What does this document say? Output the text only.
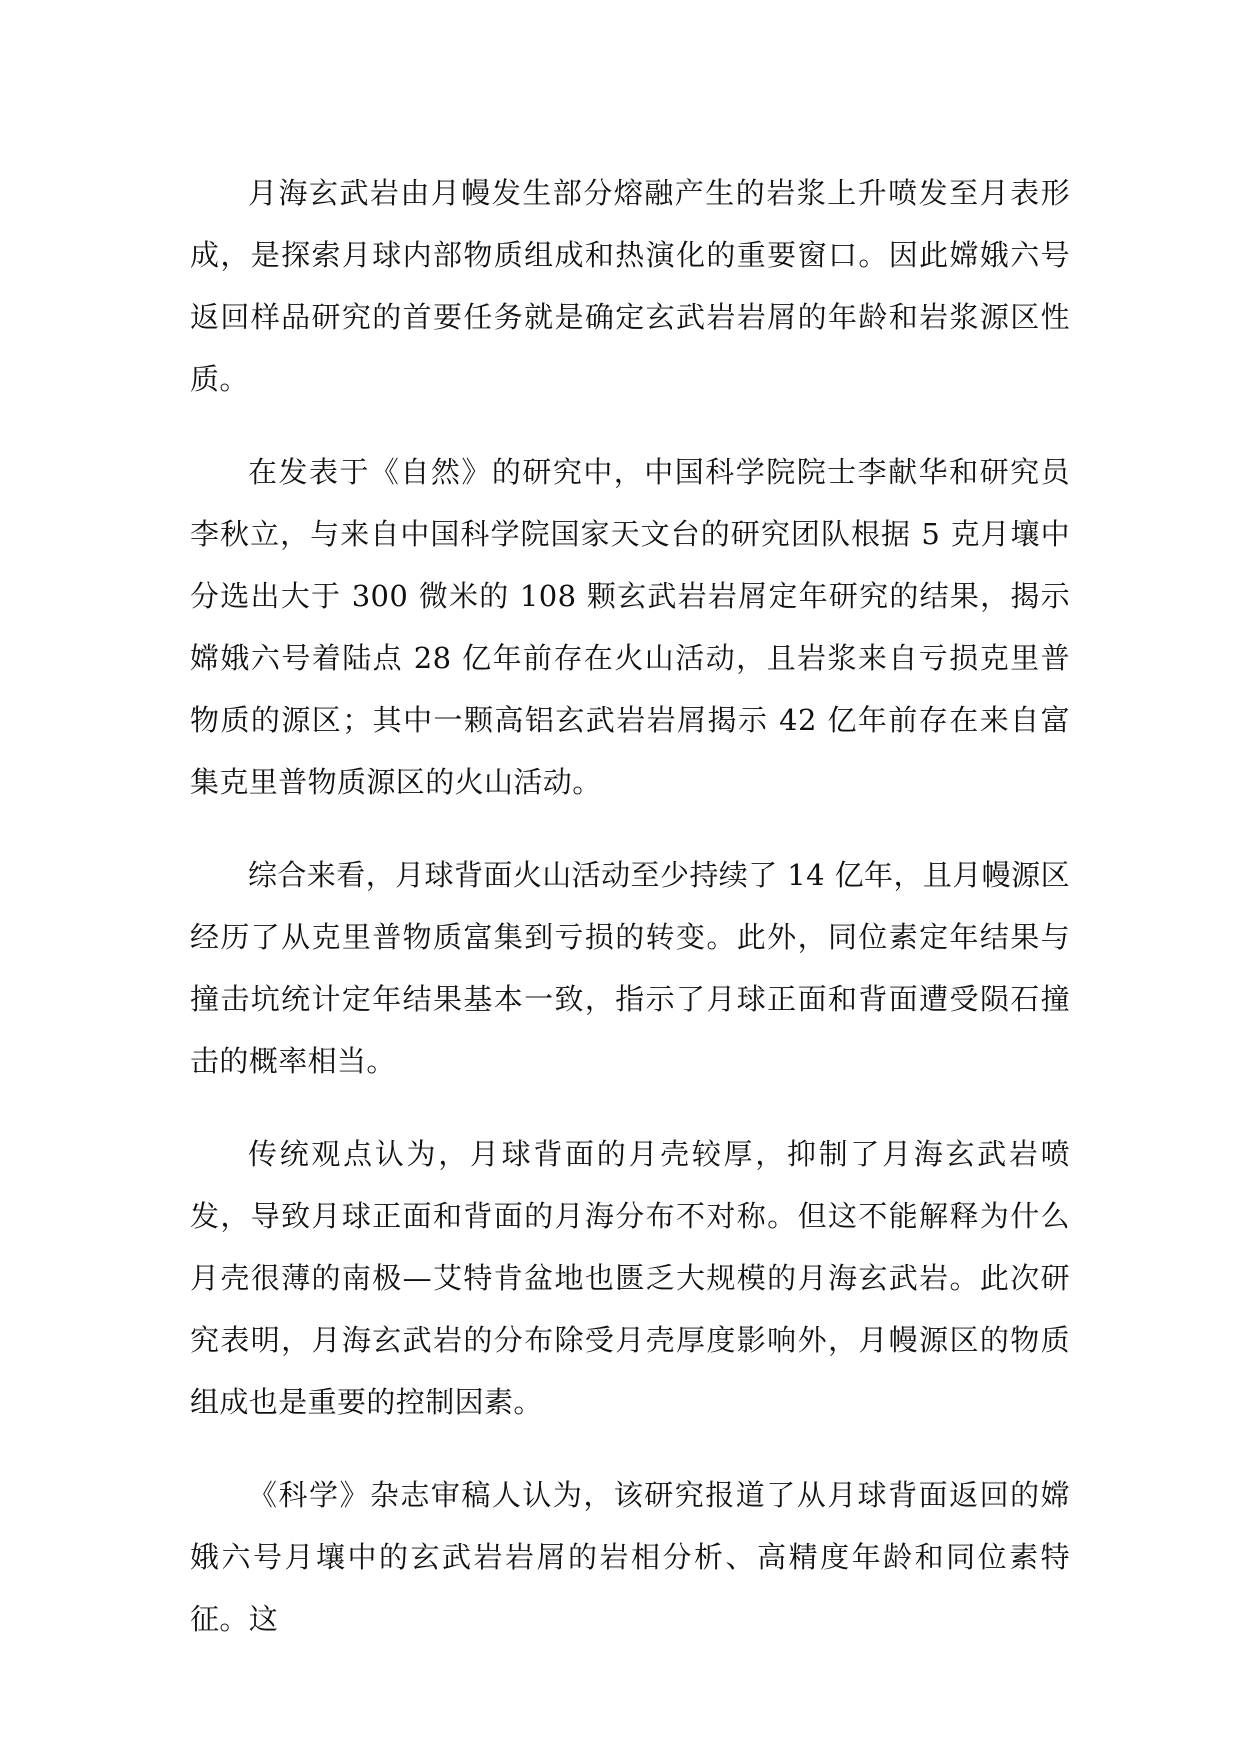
月海玄武岩由月幔发生部分熔融产生的岩浆上升喷发至月表形成，是探索月球内部物质组成和热演化的重要窗口。因此嫦娥六号返回样品研究的首要任务就是确定玄武岩岩屑的年龄和岩浆源区性质。

在发表于《自然》的研究中，中国科学院院士李献华和研究员李秋立，与来自中国科学院国家天文台的研究团队根据 5 克月壤中分选出大于 300 微米的 108 颗玄武岩岩屑定年研究的结果，揭示嫦娥六号着陆点 28 亿年前存在火山活动，且岩浆来自亏损克里普物质的源区；其中一颗高铝玄武岩岩屑揭示 42 亿年前存在来自富集克里普物质源区的火山活动。

综合来看，月球背面火山活动至少持续了 14 亿年，且月幔源区经历了从克里普物质富集到亏损的转变。此外，同位素定年结果与撞击坑统计定年结果基本一致，指示了月球正面和背面遭受陨石撞击的概率相当。

传统观点认为，月球背面的月壳较厚，抑制了月海玄武岩喷发，导致月球正面和背面的月海分布不对称。但这不能解释为什么月壳很薄的南极—艾特肯盆地也匮乏大规模的月海玄武岩。此次研究表明，月海玄武岩的分布除受月壳厚度影响外，月幔源区的物质组成也是重要的控制因素。

《科学》杂志审稿人认为，该研究报道了从月球背面返回的嫦娥六号月壤中的玄武岩岩屑的岩相分析、高精度年龄和同位素特征。这
